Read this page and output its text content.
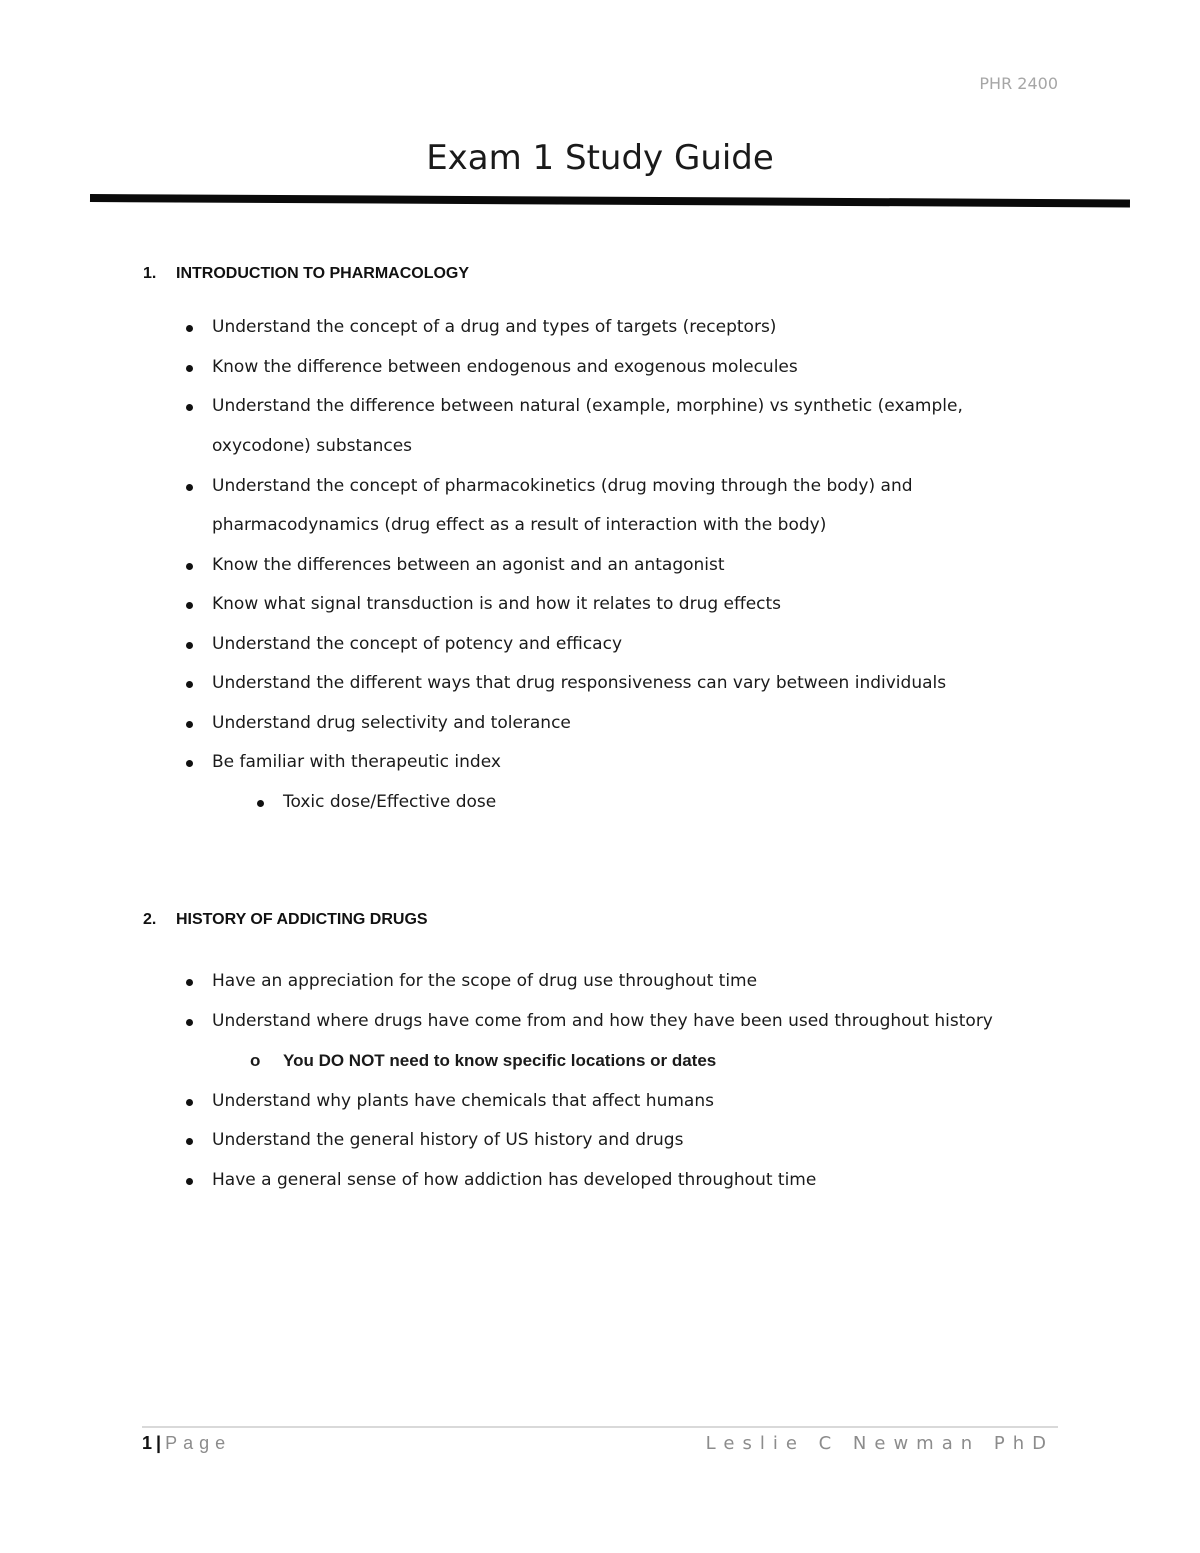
PHR 2400
Exam 1 Study Guide
1. INTRODUCTION TO PHARMACOLOGY
Understand the concept of a drug and types of targets (receptors)
Know the difference between endogenous and exogenous molecules
Understand the difference between natural (example, morphine) vs synthetic (example,
oxycodone) substances
Understand the concept of pharmacokinetics (drug moving through the body) and
pharmacodynamics (drug effect as a result of interaction with the body)
Know the differences between an agonist and an antagonist
Know what signal transduction is and how it relates to drug effects
Understand the concept of potency and efficacy
Understand the different ways that drug responsiveness can vary between individuals
Understand drug selectivity and tolerance
Be familiar with therapeutic index
Toxic dose/Effective dose
2. HISTORY OF ADDICTING DRUGS
Have an appreciation for the scope of drug use throughout time
Understand where drugs have come from and how they have been used throughout history
o You DO NOT need to know specific locations or dates
Understand why plants have chemicals that affect humans
Understand the general history of US history and drugs
Have a general sense of how addiction has developed throughout time
1 | Page	Leslie C Newman PhD
